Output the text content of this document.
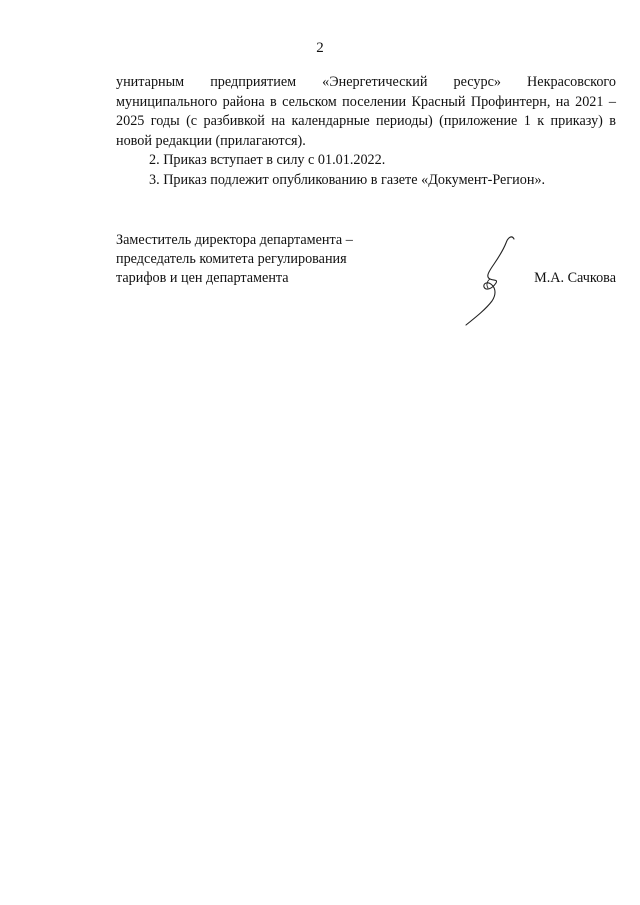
2

унитарным предприятием «Энергетический ресурс» Некрасовского муниципального района в сельском поселении Красный Профинтерн, на 2021 – 2025 годы (с разбивкой на календарные периоды) (приложение 1 к приказу) в новой редакции (прилагаются).

2. Приказ вступает в силу с 01.01.2022.

3. Приказ подлежит опубликованию в газете «Документ-Регион».

Заместитель директора департамента –
председатель комитета регулирования
тарифов и цен департамента	М.А. Сачкова
